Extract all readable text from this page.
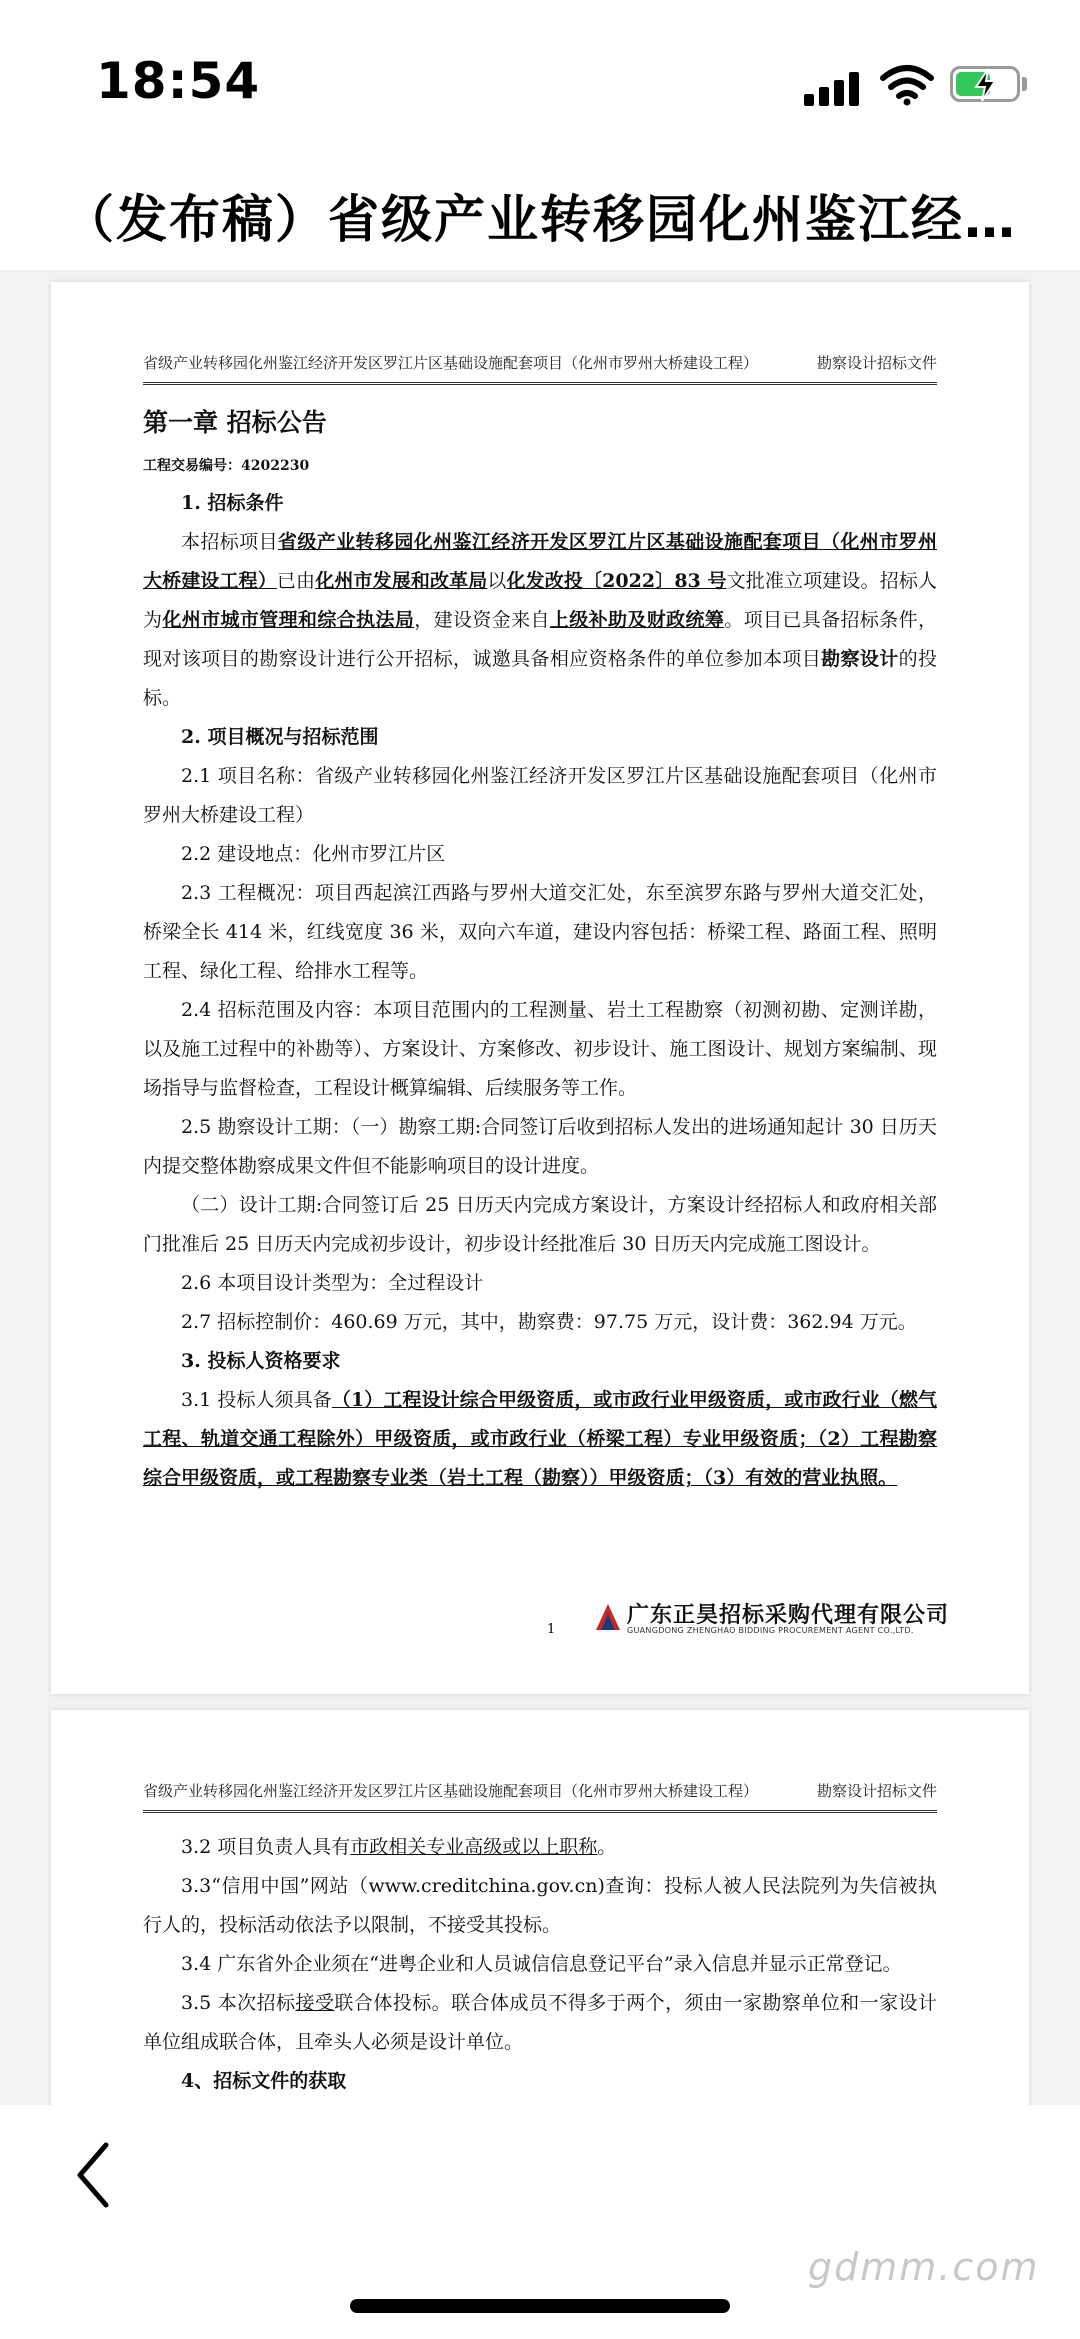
18:54
（发布稿）省级产业转移园化州鉴江经…
省级产业转移园化州鉴江经济开发区罗江片区基础设施配套项目（化州市罗州大桥建设工程）	勘察设计招标文件

第一章 招标公告

工程交易编号：4202230

1. 招标条件

本招标项目省级产业转移园化州鉴江经济开发区罗江片区基础设施配套项目（化州市罗州大桥建设工程）已由化州市发展和改革局以化发改投〔2022〕83 号文批准立项建设。招标人为化州市城市管理和综合执法局，建设资金来自上级补助及财政统筹。项目已具备招标条件，现对该项目的勘察设计进行公开招标，诚邀具备相应资格条件的单位参加本项目勘察设计的投标。

2. 项目概况与招标范围

2.1 项目名称：省级产业转移园化州鉴江经济开发区罗江片区基础设施配套项目（化州市罗州大桥建设工程）

2.2 建设地点：化州市罗江片区

2.3 工程概况：项目西起滨江西路与罗州大道交汇处，东至滨罗东路与罗州大道交汇处，桥梁全长 414 米，红线宽度 36 米，双向六车道，建设内容包括：桥梁工程、路面工程、照明工程、绿化工程、给排水工程等。

2.4 招标范围及内容：本项目范围内的工程测量、岩土工程勘察（初测初勘、定测详勘，以及施工过程中的补勘等）、方案设计、方案修改、初步设计、施工图设计、规划方案编制、现场指导与监督检查，工程设计概算编辑、后续服务等工作。

2.5 勘察设计工期：（一）勘察工期:合同签订后收到招标人发出的进场通知起计 30 日历天内提交整体勘察成果文件但不能影响项目的设计进度。

（二）设计工期:合同签订后 25 日历天内完成方案设计，方案设计经招标人和政府相关部门批准后 25 日历天内完成初步设计，初步设计经批准后 30 日历天内完成施工图设计。

2.6 本项目设计类型为：全过程设计

2.7 招标控制价：460.69 万元，其中，勘察费：97.75 万元，设计费：362.94 万元。

3. 投标人资格要求

3.1 投标人须具备（1）工程设计综合甲级资质，或市政行业甲级资质，或市政行业（燃气工程、轨道交通工程除外）甲级资质，或市政行业（桥梁工程）专业甲级资质；（2）工程勘察综合甲级资质，或工程勘察专业类（岩土工程（勘察））甲级资质；（3）有效的营业执照。

1
广东正昊招标采购代理有限公司
GUANGDONG ZHENGHAO BIDDING PROCUREMENT AGENT CO.,LTD.
省级产业转移园化州鉴江经济开发区罗江片区基础设施配套项目（化州市罗州大桥建设工程）	勘察设计招标文件

3.2 项目负责人具有市政相关专业高级或以上职称。

3.3“信用中国”网站（www.creditchina.gov.cn)查询：投标人被人民法院列为失信被执行人的，投标活动依法予以限制，不接受其投标。

3.4 广东省外企业须在“进粤企业和人员诚信信息登记平台”录入信息并显示正常登记。

3.5 本次招标接受联合体投标。联合体成员不得多于两个，须由一家勘察单位和一家设计单位组成联合体，且牵头人必须是设计单位。

4、招标文件的获取

gdmm.com
